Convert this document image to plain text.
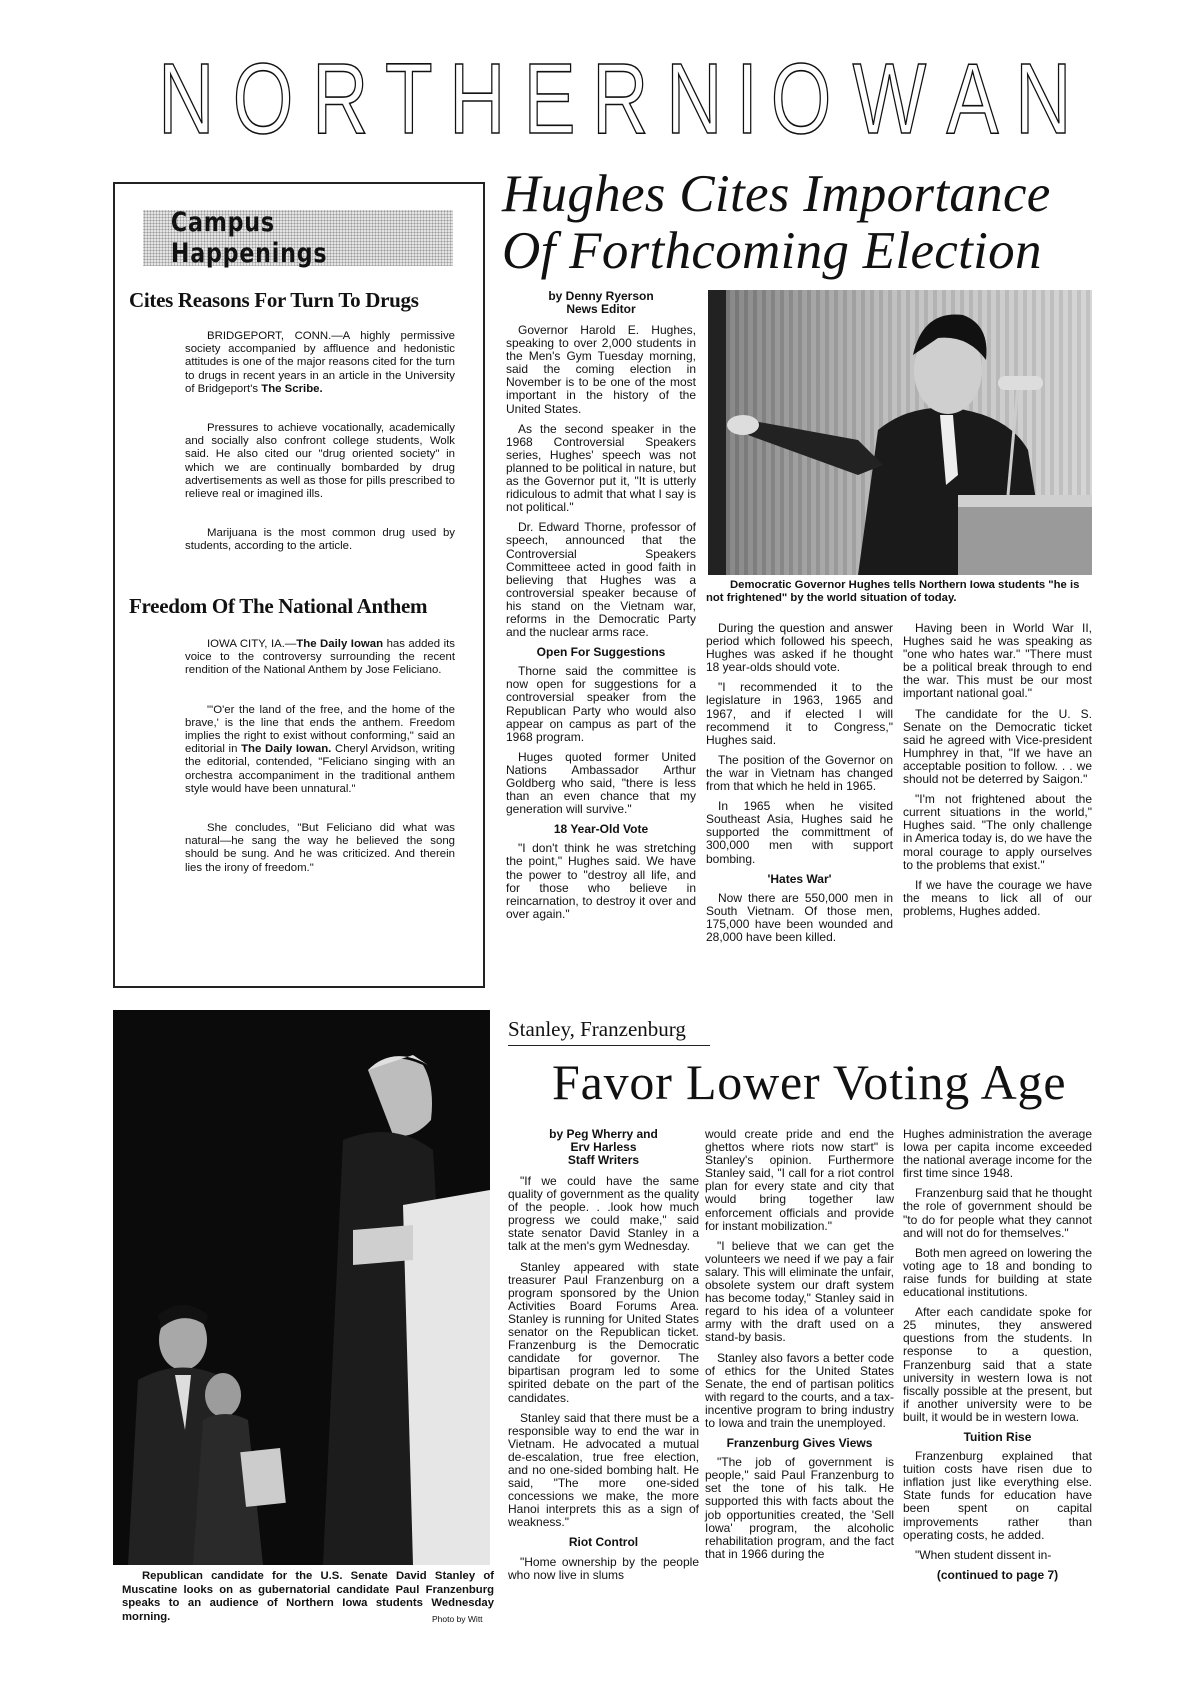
N O R T H E R N I O W A N
Campus Happenings
Cites Reasons For Turn To Drugs

BRIDGEPORT, CONN.—A highly permissive society accompanied by affluence and hedonistic attitudes is one of the major reasons cited for the turn to drugs in recent years in an article in the University of Bridgeport's The Scribe.

Pressures to achieve vocationally, academically and socially also confront college students, Wolk said. He also cited our "drug oriented society" in which we are continually bombarded by drug advertisements as well as those for pills prescribed to relieve real or imagined ills.

Marijuana is the most common drug used by students, according to the article.

Freedom Of The National Anthem

IOWA CITY, IA.—The Daily Iowan has added its voice to the controversy surrounding the recent rendition of the National Anthem by Jose Feliciano.

"'O'er the land of the free, and the home of the brave,' is the line that ends the anthem. Freedom implies the right to exist without conforming," said an editorial in The Daily Iowan. Cheryl Arvidson, writing the editorial, contended, "Feliciano singing with an orchestra accompaniment in the traditional anthem style would have been unnatural."

She concludes, "But Feliciano did what was natural—he sang the way he believed the song should be sung. And he was criticized. And therein lies the irony of freedom."

Hughes Cites Importance
Of Forthcoming Election
by Denny Ryerson
News Editor

Governor Harold E. Hughes, speaking to over 2,000 students in the Men's Gym Tuesday morning, said the coming election in November is to be one of the most important in the history of the United States.

As the second speaker in the 1968 Controversial Speakers series, Hughes' speech was not planned to be political in nature, but as the Governor put it, "It is utterly ridiculous to admit that what I say is not political."

Dr. Edward Thorne, professor of speech, announced that the Controversial Speakers Committeee acted in good faith in believing that Hughes was a controversial speaker because of his stand on the Vietnam war, reforms in the Democratic Party and the nuclear arms race.

Open For Suggestions

Thorne said the committee is now open for suggestions for a controversial speaker from the Republican Party who would also appear on campus as part of the 1968 program.

Huges quoted former United Nations Ambassador Arthur Goldberg who said, "there is less than an even chance that my generation will survive."

18 Year-Old Vote

"I don't think he was stretching the point," Hughes said. We have the power to "destroy all life, and for those who believe in reincarnation, to destroy it over and over again."

Democratic Governor Hughes tells Northern Iowa students "he is not frightened" by the world situation of today.

During the question and answer period which followed his speech, Hughes was asked if he thought 18 year-olds should vote.

"I recommended it to the legislature in 1963, 1965 and 1967, and if elected I will recommend it to Congress," Hughes said.

The position of the Governor on the war in Vietnam has changed from that which he held in 1965.

In 1965 when he visited Southeast Asia, Hughes said he supported the committment of 300,000 men with support bombing.

'Hates War'

Now there are 550,000 men in South Vietnam. Of those men, 175,000 have been wounded and 28,000 have been killed.

Having been in World War II, Hughes said he was speaking as "one who hates war." "There must be a political break through to end the war. This must be our most important national goal."

The candidate for the U. S. Senate on the Democratic ticket said he agreed with Vice-president Humphrey in that, "If we have an acceptable position to follow. . . we should not be deterred by Saigon."

"I'm not frightened about the current situations in the world," Hughes said. "The only challenge in America today is, do we have the moral courage to apply ourselves to the problems that exist."

If we have the courage we have the means to lick all of our problems, Hughes added.

Republican candidate for the U.S. Senate David Stanley of Muscatine looks on as gubernatorial candidate Paul Franzenburg speaks to an audience of Northern Iowa students Wednesday morning.	Photo by Witt
Stanley, Franzenburg
Favor Lower Voting Age
by Peg Wherry and
Erv Harless
Staff Writers

"If we could have the same quality of government as the quality of the people. . .look how much progress we could make," said state senator David Stanley in a talk at the men's gym Wednesday.

Stanley appeared with state treasurer Paul Franzenburg on a program sponsored by the Union Activities Board Forums Area. Stanley is running for United States senator on the Republican ticket. Franzenburg is the Democratic candidate for governor. The bipartisan program led to some spirited debate on the part of the candidates.

Stanley said that there must be a responsible way to end the war in Vietnam. He advocated a mutual de-escalation, true free election, and no one-sided bombing halt. He said, "The more one-sided concessions we make, the more Hanoi interprets this as a sign of weakness."

Riot Control

"Home ownership by the people who now live in slums

would create pride and end the ghettos where riots now start" is Stanley's opinion. Furthermore Stanley said, "I call for a riot control plan for every state and city that would bring together law enforcement officials and provide for instant mobilization."

"I believe that we can get the volunteers we need if we pay a fair salary. This will eliminate the unfair, obsolete system our draft system has become today," Stanley said in regard to his idea of a volunteer army with the draft used on a stand-by basis.

Stanley also favors a better code of ethics for the United States Senate, the end of partisan politics with regard to the courts, and a tax-incentive program to bring industry to Iowa and train the unemployed.

Franzenburg Gives Views

"The job of government is people," said Paul Franzenburg to set the tone of his talk. He supported this with facts about the job opportunities created, the 'Sell Iowa' program, the alcoholic rehabilitation program, and the fact that in 1966 during the

Hughes administration the average Iowa per capita income exceeded the national average income for the first time since 1948.

Franzenburg said that he thought the role of government should be "to do for people what they cannot and will not do for themselves."

Both men agreed on lowering the voting age to 18 and bonding to raise funds for building at state educational institutions.

After each candidate spoke for 25 minutes, they answered questions from the students. In response to a question, Franzenburg said that a state university in western Iowa is not fiscally possible at the present, but if another university were to be built, it would be in western Iowa.

Tuition Rise

Franzenburg explained that tuition costs have risen due to inflation just like everything else. State funds for education have been spent on capital improvements rather than operating costs, he added.

"When student dissent in-

(continued to page 7)
